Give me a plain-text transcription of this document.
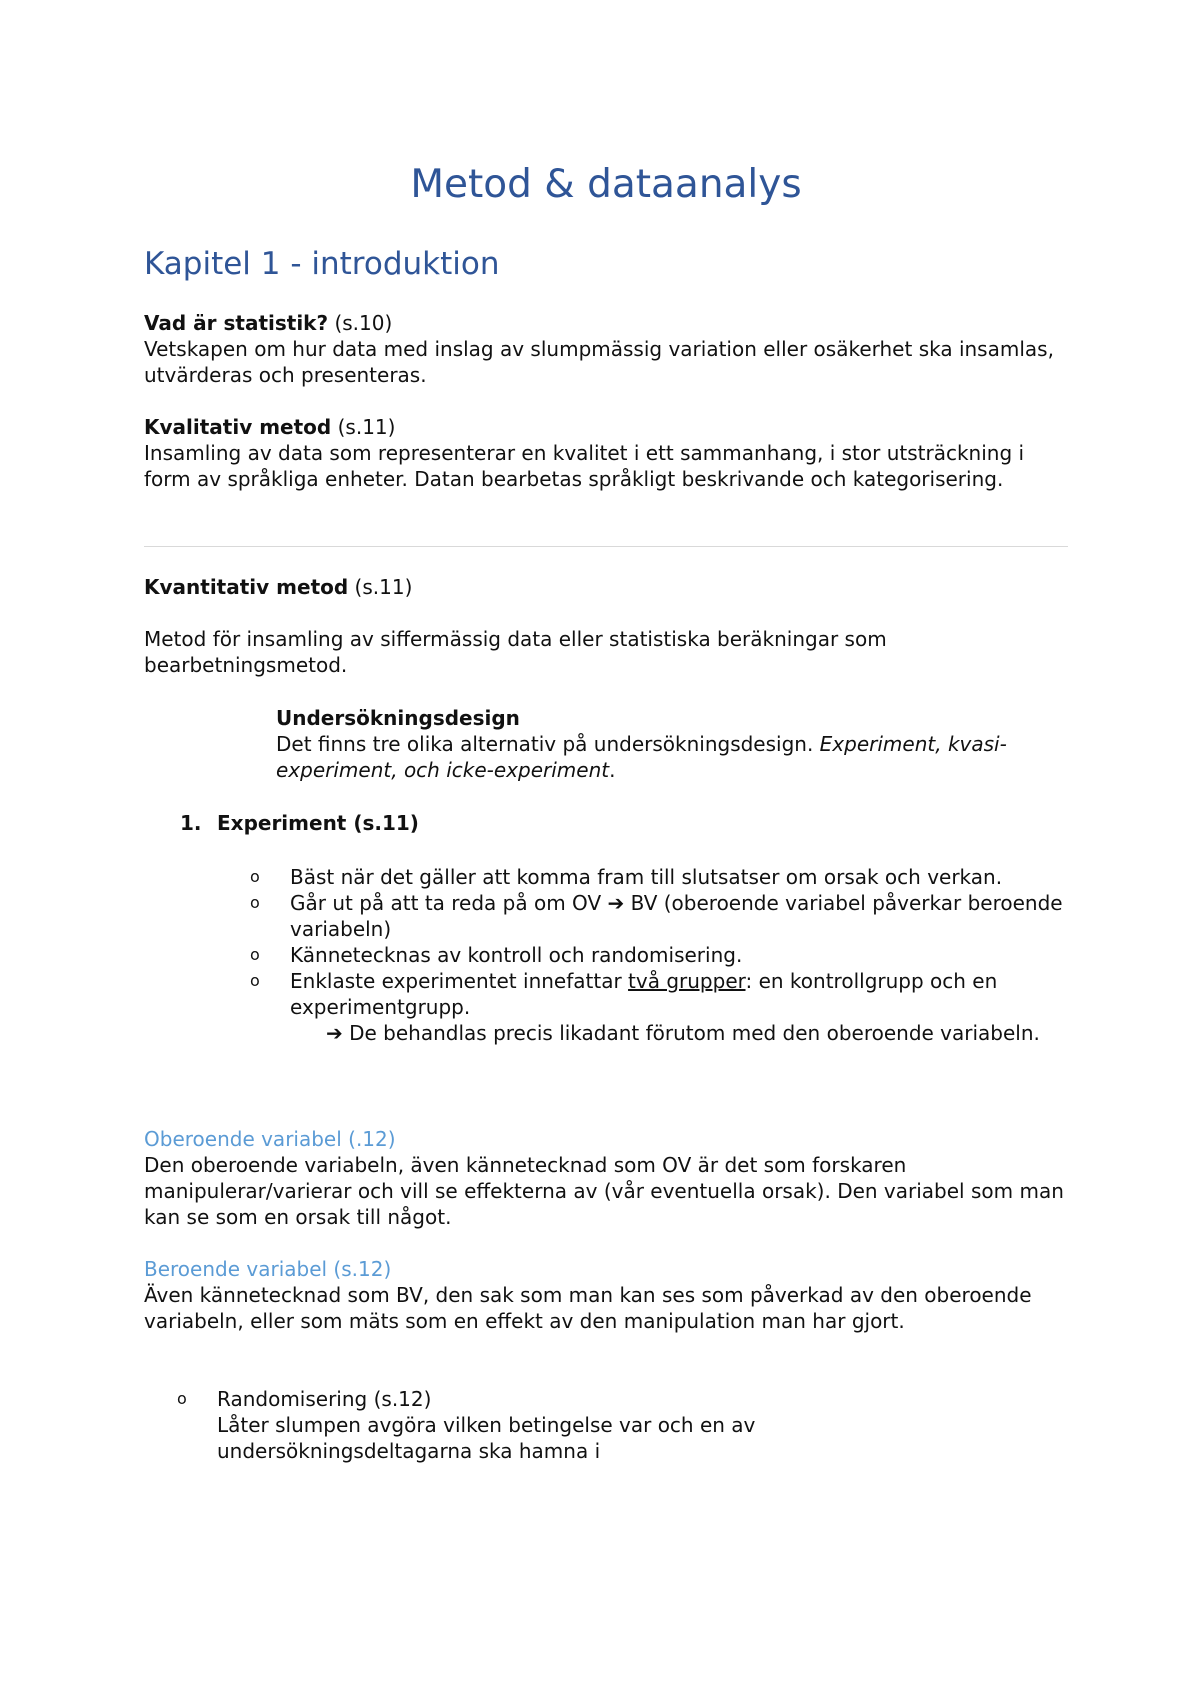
Metod & dataanalys
Kapitel 1 - introduktion

Vad är statistik? (s.10)

Vetskapen om hur data med inslag av slumpmässig variation eller osäkerhet ska insamlas, utvärderas och presenteras.

Kvalitativ metod (s.11)

Insamling av data som representerar en kvalitet i ett sammanhang, i stor utsträckning i form av språkliga enheter. Datan bearbetas språkligt beskrivande och kategorisering.

Kvantitativ metod (s.11)

Metod för insamling av siffermässig data eller statistiska beräkningar som bearbetningsmetod.

Undersökningsdesign

Det finns tre olika alternativ på undersökningsdesign. Experiment, kvasi- experiment, och icke-experiment.

1. Experiment (s.11)

o Bäst när det gäller att komma fram till slutsatser om orsak och verkan.

o Går ut på att ta reda på om OV ➔ BV (oberoende variabel påverkar beroende variabeln)

o Kännetecknas av kontroll och randomisering.

o Enklaste experimentet innefattar två grupper: en kontrollgrupp och en experimentgrupp.

➔ De behandlas precis likadant förutom med den oberoende variabeln.

Oberoende variabel (.12)

Den oberoende variabeln, även kännetecknad som OV är det som forskaren manipulerar/varierar och vill se effekterna av (vår eventuella orsak). Den variabel som man kan se som en orsak till något.

Beroende variabel (s.12)

Även kännetecknad som BV, den sak som man kan ses som påverkad av den oberoende variabeln, eller som mäts som en effekt av den manipulation man har gjort.

o Randomisering (s.12)

Låter slumpen avgöra vilken betingelse var och en av undersökningsdeltagarna ska hamna i
